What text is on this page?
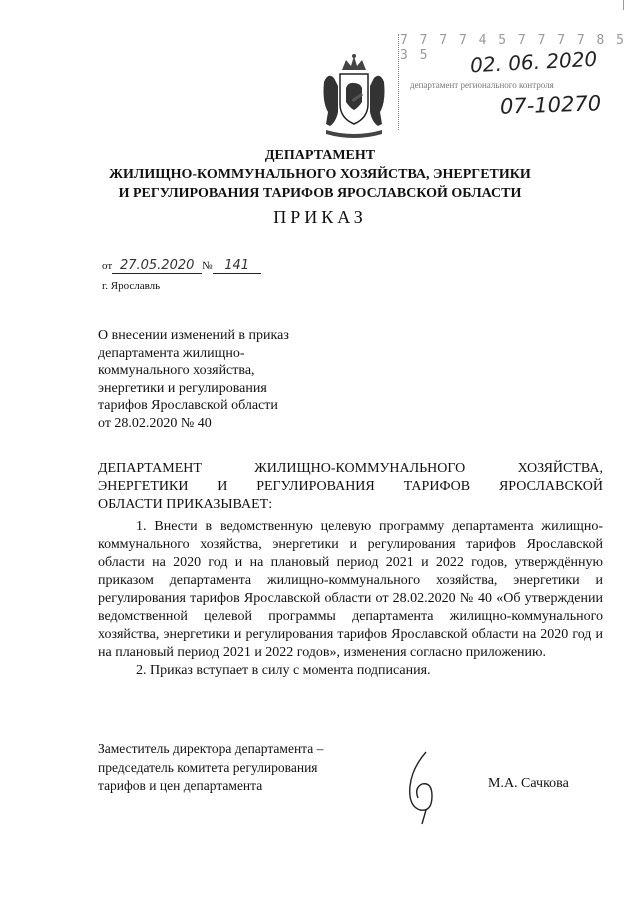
7 7 7 7 4 5 7 7 7 7 8 5 3 5	02. 06. 2020
департамент регионального контроля
07-10270
ДЕПАРТАМЕНТ
ЖИЛИЩНО-КОММУНАЛЬНОГО ХОЗЯЙСТВА, ЭНЕРГЕТИКИ
И РЕГУЛИРОВАНИЯ ТАРИФОВ ЯРОСЛАВСКОЙ ОБЛАСТИ
ПРИКАЗ
от 27.05.2020 № 141
г. Ярославль
О внесении изменений в приказ
департамента жилищно-
коммунального хозяйства,
энергетики и регулирования
тарифов Ярославской области
от 28.02.2020 № 40
ДЕПАРТАМЕНТ ЖИЛИЩНО-КОММУНАЛЬНОГО ХОЗЯЙСТВА,
ЭНЕРГЕТИКИ И РЕГУЛИРОВАНИЯ ТАРИФОВ ЯРОСЛАВСКОЙ
ОБЛАСТИ ПРИКАЗЫВАЕТ:

1. Внести в ведомственную целевую программу департамента жилищно-коммунального хозяйства, энергетики и регулирования тарифов Ярославской области на 2020 год и на плановый период 2021 и 2022 годов, утверждённую приказом департамента жилищно-коммунального хозяйства, энергетики и регулирования тарифов Ярославской области от 28.02.2020 № 40 «Об утверждении ведомственной целевой программы департамента жилищно-коммунального хозяйства, энергетики и регулирования тарифов Ярославской области на 2020 год и на плановый период 2021 и 2022 годов», изменения согласно приложению.

2. Приказ вступает в силу с момента подписания.

Заместитель директора департамента –
председатель комитета регулирования
тарифов и цен департамента	М.А. Сачкова
